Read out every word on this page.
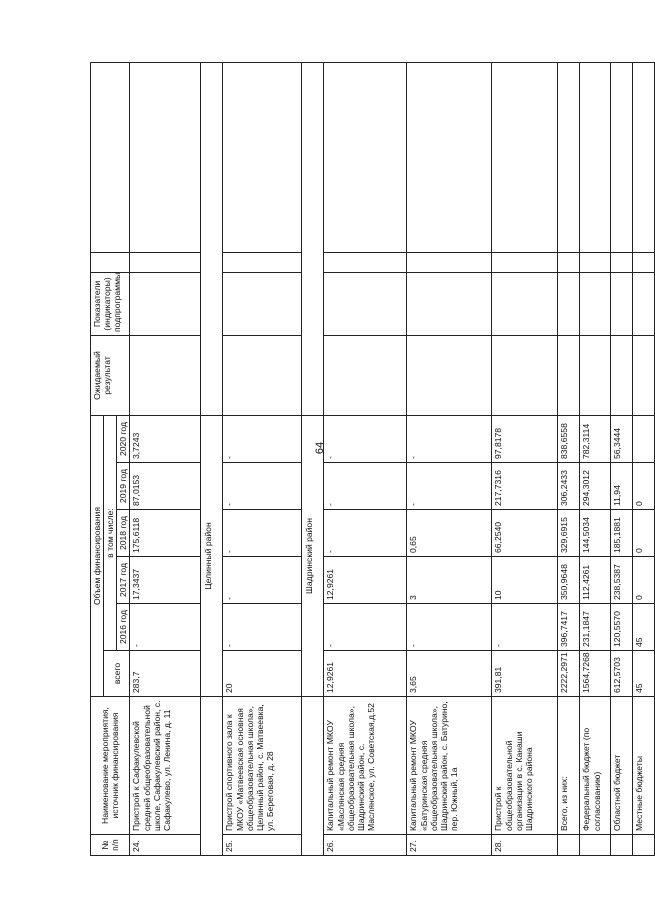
64
№ п/п	Наименование мероприятия, источник финансирования	Объем финансирования						Ожидаемый результат	Показатели (индикаторы) подпрограммы		
		всего	в том числе:								
			2016 год	2017 год	2018 год	2019 год	2020 год				
24.	Пристрой к Сафакулевской средней общеобразовательной школе, Сафакулевский район, с. Сафакулево, ул. Ленина, д. 11	283,7	-	17,3437	175,6118	87,0153	3,7243				
		Целинный район									
25.	Пристрой спортивного зала к МКОУ «Матвеевская основная общеобразовательная школа», Целинный район, с. Матвеевка, ул. Береговая, д. 28	20	-	-	-	-	-				
		Шадринский район									
26.	Капитальный ремонт МКОУ «Маслянская средняя общеобразовательная школа», Шадринский район, с. Маслянское, ул. Советская,д.52	12,9261	-	12,9261	-	-	-				
27.	Капитальный ремонт МКОУ «Батуринская средняя общеобразовательная школа», Шадринский район, с. Батурино, пер. Южный, 1а	3,65	-	3	0,65	-	-				
28.	Пристрой к общеобразовательной организации в с. Канаши Шадринского района	391,81	-	10	66,2540	217,7316	97,8178				
	Всего, из них:	2222,2971	396,7417	350,9648	329,6915	306,2433	838,6558				
	Федеральный бюджет (по согласованию)	1564,7268	231,1847	112,4261	144,5034	294,3012	782,3114				
	Областной бюджет	612,5703	120,5570	238,5387	185,1881	11,94	56,3444				
	Местные бюджеты	45	45	0	0	0					
